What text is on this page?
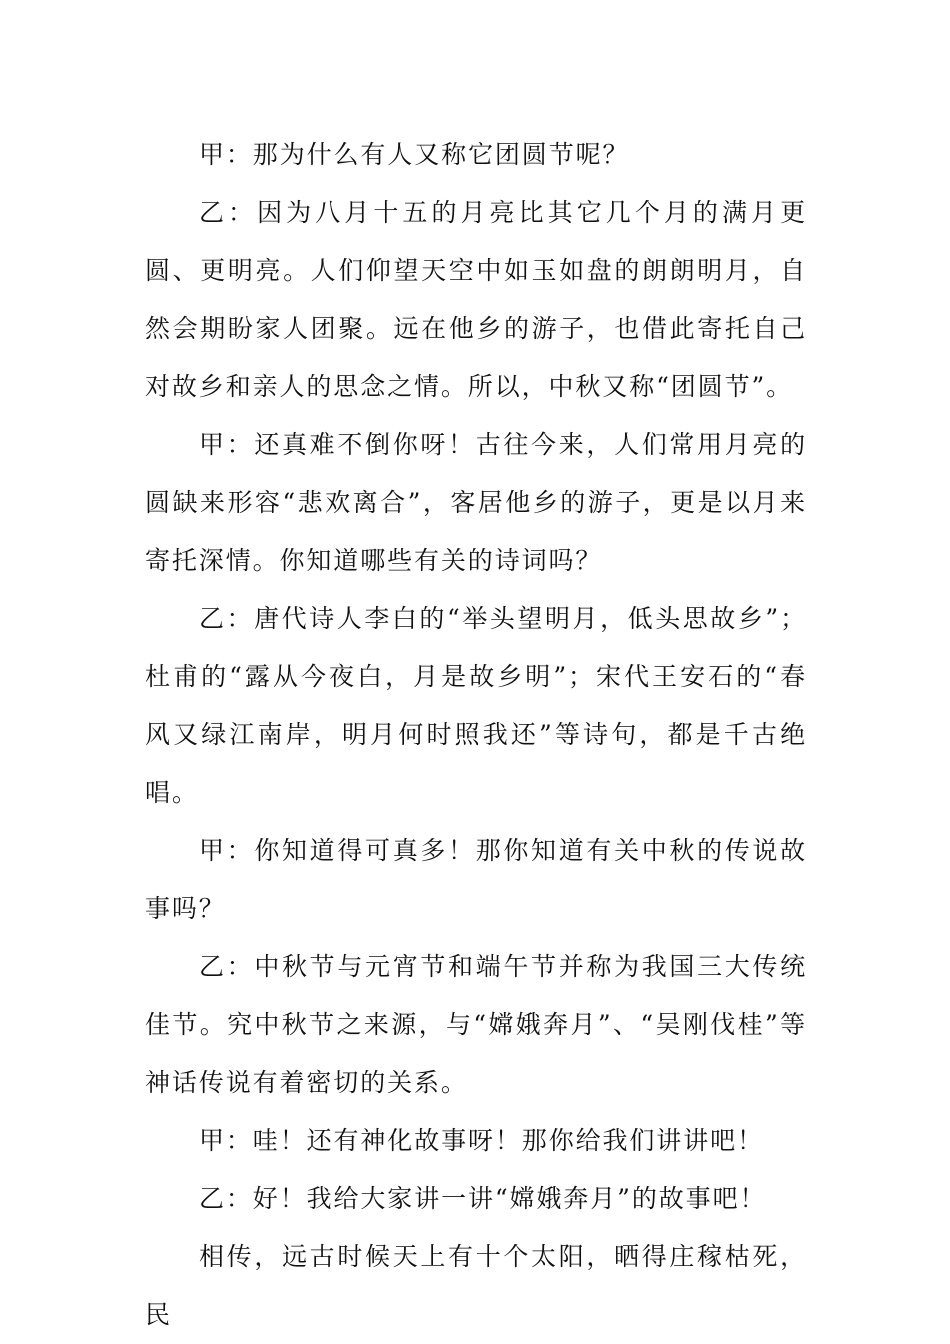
甲：那为什么有人又称它团圆节呢？

乙：因为八月十五的月亮比其它几个月的满月更圆、更明亮。人们仰望天空中如玉如盘的朗朗明月，自然会期盼家人团聚。远在他乡的游子，也借此寄托自己对故乡和亲人的思念之情。所以，中秋又称“团圆节”。

甲：还真难不倒你呀！古往今来，人们常用月亮的圆缺来形容“悲欢离合”，客居他乡的游子，更是以月来寄托深情。你知道哪些有关的诗词吗？

乙：唐代诗人李白的“举头望明月，低头思故乡”；杜甫的“露从今夜白，月是故乡明”；宋代王安石的“春风又绿江南岸，明月何时照我还”等诗句，都是千古绝唱。

甲：你知道得可真多！那你知道有关中秋的传说故事吗？

乙：中秋节与元宵节和端午节并称为我国三大传统佳节。究中秋节之来源，与“嫦娥奔月”、“吴刚伐桂”等神话传说有着密切的关系。

甲：哇！还有神化故事呀！那你给我们讲讲吧！

乙：好！我给大家讲一讲“嫦娥奔月”的故事吧！

相传，远古时候天上有十个太阳，晒得庄稼枯死，民
